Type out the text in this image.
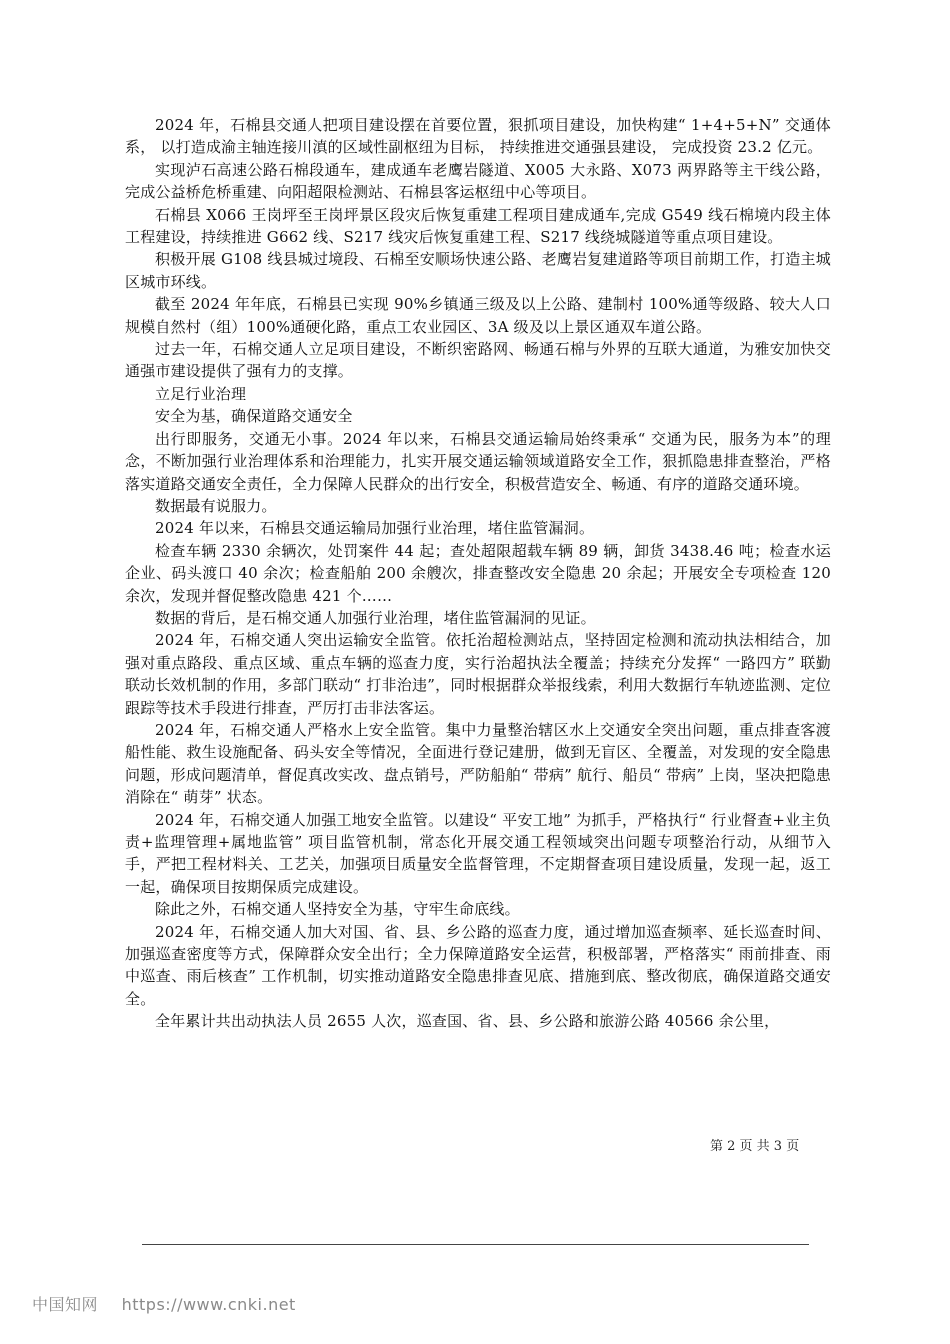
2024 年，石棉县交通人把项目建设摆在首要位置，狠抓项目建设，加快构建“ 1+4+5+N” 交通体系， 以打造成渝主轴连接川滇的区域性副枢纽为目标， 持续推进交通强县建设， 完成投资 23.2 亿元。

实现泸石高速公路石棉段通车，建成通车老鹰岩隧道、X005 大永路、X073 两界路等主干线公路，完成公益桥危桥重建、向阳超限检测站、石棉县客运枢纽中心等项目。

石棉县 X066 王岗坪至王岗坪景区段灾后恢复重建工程项目建成通车,完成 G549 线石棉境内段主体工程建设，持续推进 G662 线、S217 线灾后恢复重建工程、S217 线绕城隧道等重点项目建设。

积极开展 G108 线县城过境段、石棉至安顺场快速公路、老鹰岩复建道路等项目前期工作，打造主城区城市环线。

截至 2024 年年底，石棉县已实现 90%乡镇通三级及以上公路、建制村 100%通等级路、较大人口规模自然村（组）100%通硬化路，重点工农业园区、3A 级及以上景区通双车道公路。

过去一年，石棉交通人立足项目建设，不断织密路网、畅通石棉与外界的互联大通道，为雅安加快交通强市建设提供了强有力的支撑。

立足行业治理

安全为基，确保道路交通安全

出行即服务，交通无小事。2024 年以来，石棉县交通运输局始终秉承“ 交通为民，服务为本”的理念，不断加强行业治理体系和治理能力，扎实开展交通运输领域道路安全工作，狠抓隐患排查整治，严格落实道路交通安全责任，全力保障人民群众的出行安全，积极营造安全、畅通、有序的道路交通环境。

数据最有说服力。

2024 年以来，石棉县交通运输局加强行业治理，堵住监管漏洞。

检查车辆 2330 余辆次，处罚案件 44 起；查处超限超载车辆 89 辆，卸货 3438.46 吨；检查水运企业、码头渡口 40 余次；检查船舶 200 余艘次，排查整改安全隐患 20 余起；开展安全专项检查 120 余次，发现并督促整改隐患 421 个……

数据的背后，是石棉交通人加强行业治理，堵住监管漏洞的见证。

2024 年，石棉交通人突出运输安全监管。依托治超检测站点，坚持固定检测和流动执法相结合，加强对重点路段、重点区域、重点车辆的巡查力度，实行治超执法全覆盖；持续充分发挥“ 一路四方” 联勤联动长效机制的作用，多部门联动“ 打非治违”，同时根据群众举报线索，利用大数据行车轨迹监测、定位跟踪等技术手段进行排查，严厉打击非法客运。

2024 年，石棉交通人严格水上安全监管。集中力量整治辖区水上交通安全突出问题，重点排查客渡船性能、救生设施配备、码头安全等情况，全面进行登记建册，做到无盲区、全覆盖，对发现的安全隐患问题，形成问题清单，督促真改实改、盘点销号，严防船舶“ 带病” 航行、船员“ 带病” 上岗，坚决把隐患消除在“ 萌芽” 状态。

2024 年，石棉交通人加强工地安全监管。以建设“ 平安工地” 为抓手，严格执行“ 行业督查+业主负责+监理管理+属地监管” 项目监管机制，常态化开展交通工程领域突出问题专项整治行动，从细节入手，严把工程材料关、工艺关，加强项目质量安全监督管理，不定期督查项目建设质量，发现一起，返工一起，确保项目按期保质完成建设。

除此之外，石棉交通人坚持安全为基，守牢生命底线。

2024 年，石棉交通人加大对国、省、县、乡公路的巡查力度，通过增加巡查频率、延长巡查时间、加强巡查密度等方式，保障群众安全出行；全力保障道路安全运营，积极部署，严格落实“ 雨前排查、雨中巡查、雨后核查” 工作机制，切实推动道路安全隐患排查见底、措施到底、整改彻底，确保道路交通安全。

全年累计共出动执法人员 2655 人次，巡查国、省、县、乡公路和旅游公路 40566 余公里，

第 2 页 共 3 页
中国知网 https://www.cnki.net
